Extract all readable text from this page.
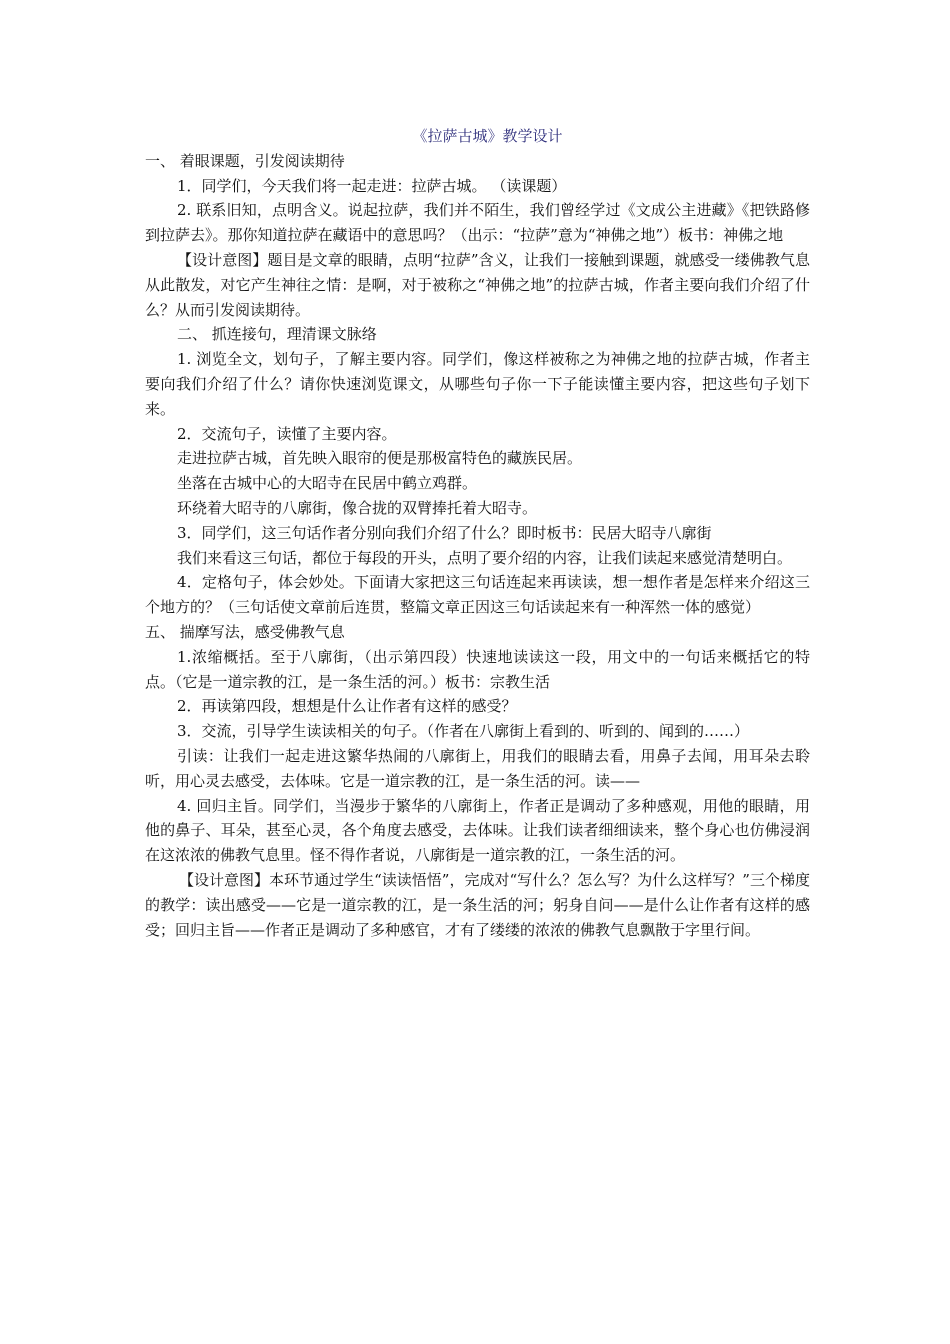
《拉萨古城》教学设计

一、 着眼课题，引发阅读期待

1．同学们，今天我们将一起走进：拉萨古城。 （读课题）

2. 联系旧知，点明含义。说起拉萨，我们并不陌生，我们曾经学过《文成公主进藏》《把铁路修到拉萨去》。那你知道拉萨在藏语中的意思吗？（出示：“拉萨”意为“神佛之地”）板书：神佛之地

【设计意图】题目是文章的眼睛，点明“拉萨”含义，让我们一接触到课题，就感受一缕佛教气息从此散发，对它产生神往之情：是啊，对于被称之“神佛之地”的拉萨古城，作者主要向我们介绍了什么？从而引发阅读期待。

二、 抓连接句，理清课文脉络

1. 浏览全文，划句子，了解主要内容。同学们，像这样被称之为神佛之地的拉萨古城，作者主要向我们介绍了什么？请你快速浏览课文，从哪些句子你一下子能读懂主要内容，把这些句子划下来。

2．交流句子，读懂了主要内容。

走进拉萨古城，首先映入眼帘的便是那极富特色的藏族民居。

坐落在古城中心的大昭寺在民居中鹤立鸡群。

环绕着大昭寺的八廓街，像合拢的双臂捧托着大昭寺。

3．同学们，这三句话作者分别向我们介绍了什么？即时板书：民居大昭寺八廓街

我们来看这三句话，都位于每段的开头，点明了要介绍的内容，让我们读起来感觉清楚明白。

4．定格句子，体会妙处。下面请大家把这三句话连起来再读读，想一想作者是怎样来介绍这三个地方的？（三句话使文章前后连贯，整篇文章正因这三句话读起来有一种浑然一体的感觉）

五、 揣摩写法，感受佛教气息

1.浓缩概括。至于八廓街，（出示第四段）快速地读读这一段，用文中的一句话来概括它的特点。（它是一道宗教的江，是一条生活的河。）板书：宗教生活

2．再读第四段，想想是什么让作者有这样的感受？

3．交流，引导学生读读相关的句子。（作者在八廓街上看到的、听到的、闻到的……）

引读：让我们一起走进这繁华热闹的八廓街上，用我们的眼睛去看，用鼻子去闻，用耳朵去聆听，用心灵去感受，去体味。它是一道宗教的江，是一条生活的河。读——

4. 回归主旨。同学们，当漫步于繁华的八廓街上，作者正是调动了多种感观，用他的眼睛，用他的鼻子、耳朵，甚至心灵，各个角度去感受，去体味。让我们读者细细读来，整个身心也仿佛浸润在这浓浓的佛教气息里。怪不得作者说，八廓街是一道宗教的江，一条生活的河。

【设计意图】本环节通过学生“读读悟悟”，完成对“写什么？怎么写？为什么这样写？”三个梯度的教学：读出感受——它是一道宗教的江，是一条生活的河；躬身自问——是什么让作者有这样的感受；回归主旨——作者正是调动了多种感官，才有了缕缕的浓浓的佛教气息飘散于字里行间。
